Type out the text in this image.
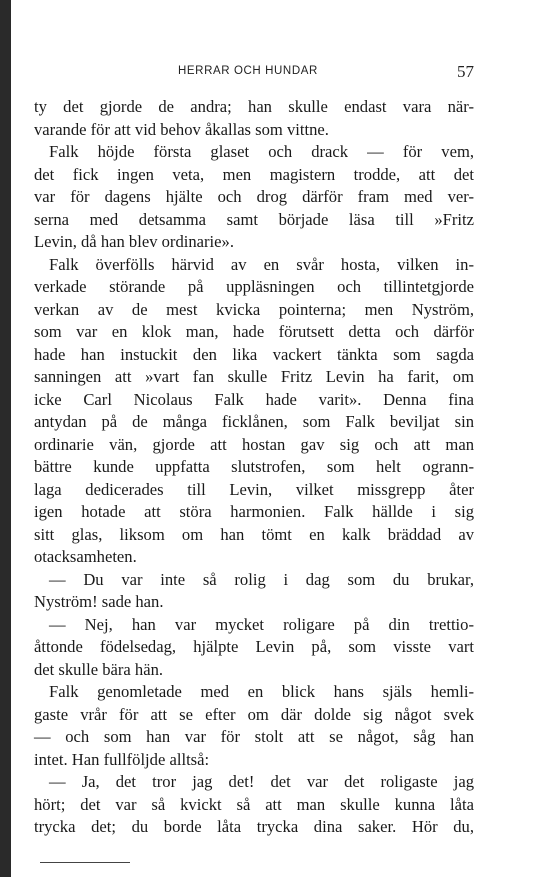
HERRAR OCH HUNDAR	57
ty det gjorde de andra; han skulle endast vara när-
varande för att vid behov åkallas som vittne.
Falk höjde första glaset och drack — för vem,
det fick ingen veta, men magistern trodde, att det
var för dagens hjälte och drog därför fram med ver-
serna med detsamma samt började läsa till »Fritz
Levin, då han blev ordinarie».
Falk överfölls härvid av en svår hosta, vilken in-
verkade störande på uppläsningen och tillintetgjorde
verkan av de mest kvicka pointerna; men Nyström,
som var en klok man, hade förutsett detta och därför
hade han instuckit den lika vackert tänkta som sagda
sanningen att »vart fan skulle Fritz Levin ha farit, om
icke Carl Nicolaus Falk hade varit». Denna fina
antydan på de många ficklånen, som Falk beviljat sin
ordinarie vän, gjorde att hostan gav sig och att man
bättre kunde uppfatta slutstrofen, som helt ogrann-
laga dedicerades till Levin, vilket missgrepp åter
igen hotade att störa harmonien. Falk hällde i sig
sitt glas, liksom om han tömt en kalk bräddad av
otacksamheten.
— Du var inte så rolig i dag som du brukar,
Nyström! sade han.
— Nej, han var mycket roligare på din trettio-
åttonde födelsedag, hjälpte Levin på, som visste vart
det skulle bära hän.
Falk genomletade med en blick hans själs hemli-
gaste vrår för att se efter om där dolde sig något svek
— och som han var för stolt att se något, såg han
intet. Han fullföljde alltså:
— Ja, det tror jag det! det var det roligaste jag
hört; det var så kvickt så att man skulle kunna låta
trycka det; du borde låta trycka dina saker. Hör du,
